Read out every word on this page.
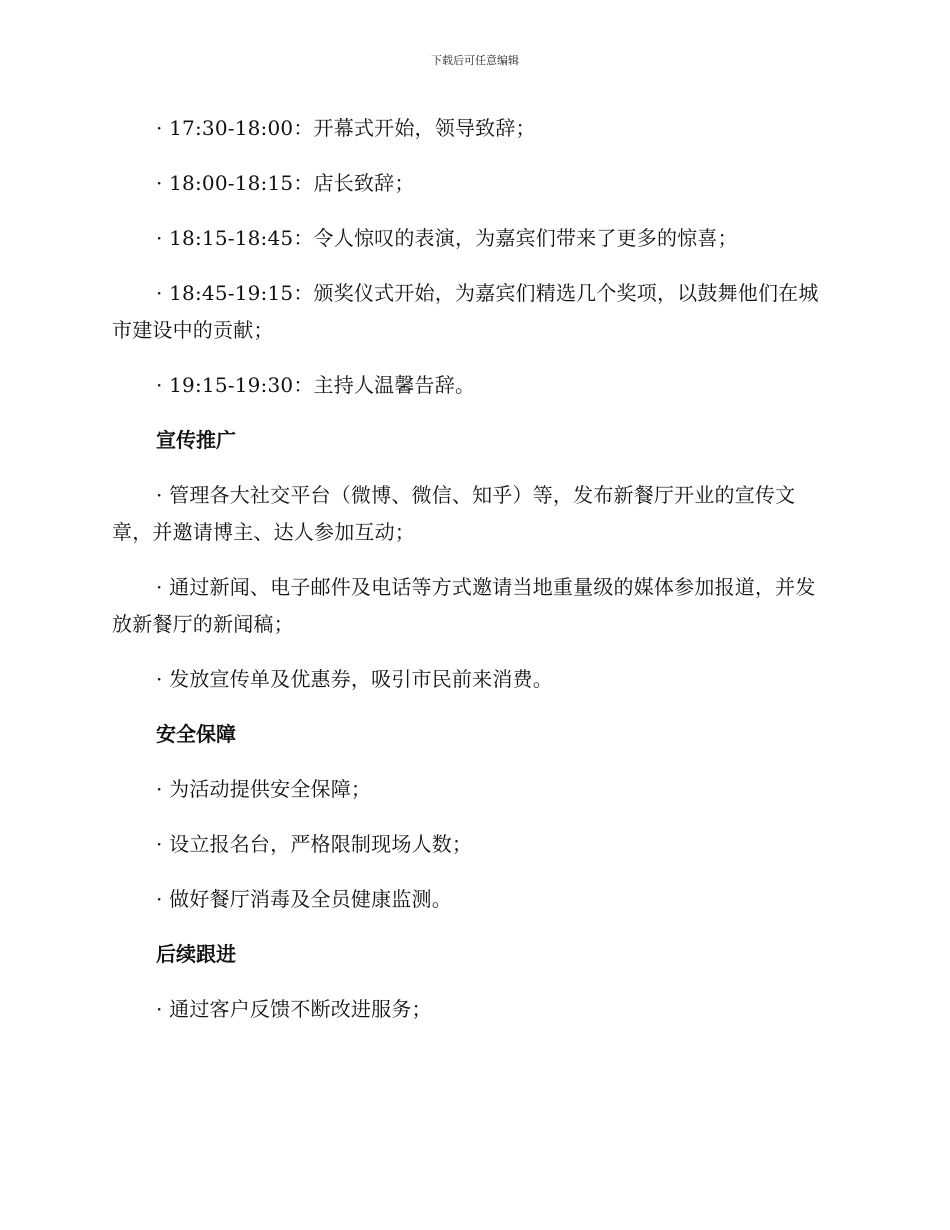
下载后可任意编辑

· 17:30-18:00：开幕式开始，领导致辞；

· 18:00-18:15：店长致辞；

· 18:15-18:45：令人惊叹的表演，为嘉宾们带来了更多的惊喜；

· 18:45-19:15：颁奖仪式开始，为嘉宾们精选几个奖项，以鼓舞他们在城市建设中的贡献；

· 19:15-19:30：主持人温馨告辞。

宣传推广

· 管理各大社交平台（微博、微信、知乎）等，发布新餐厅开业的宣传文章，并邀请博主、达人参加互动；

· 通过新闻、电子邮件及电话等方式邀请当地重量级的媒体参加报道，并发放新餐厅的新闻稿；

· 发放宣传单及优惠券，吸引市民前来消费。

安全保障

· 为活动提供安全保障；

· 设立报名台，严格限制现场人数；

· 做好餐厅消毒及全员健康监测。

后续跟进

· 通过客户反馈不断改进服务；
